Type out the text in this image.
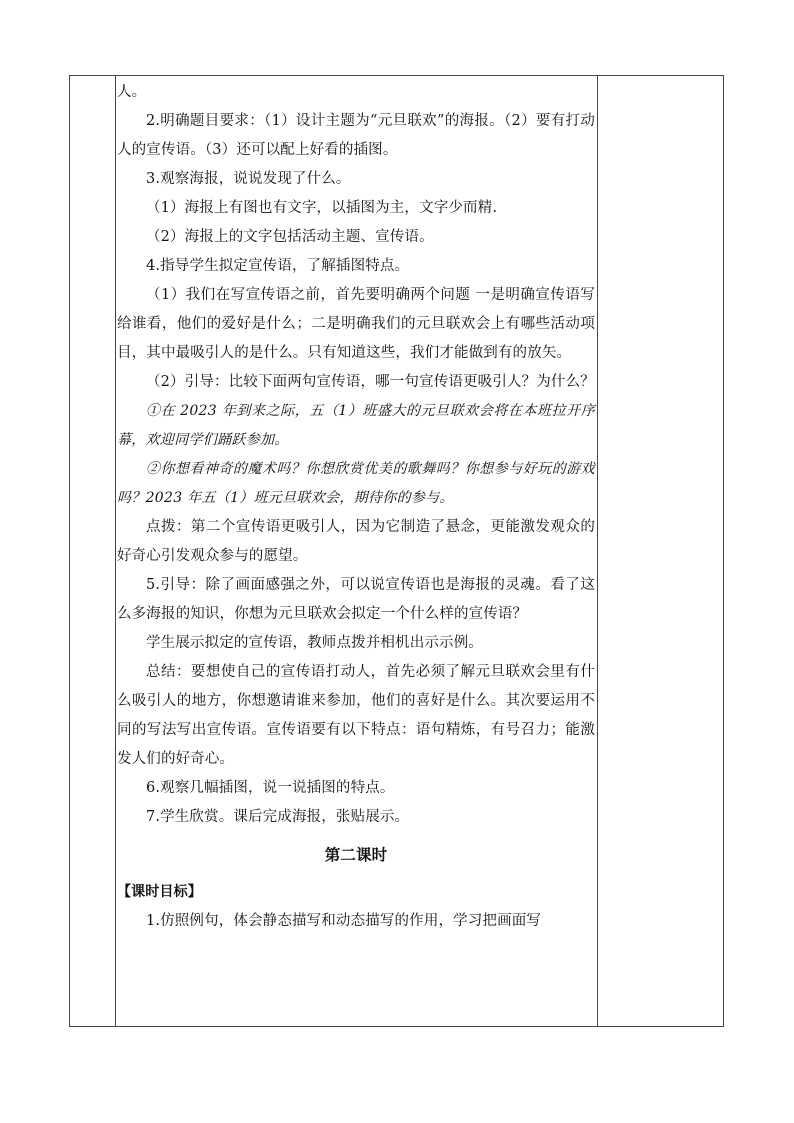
人。

2.明确题目要求：（1）设计主题为“元旦联欢”的海报。（2）要有打动人的宣传语。（3）还可以配上好看的插图。

3.观察海报，说说发现了什么。

（1）海报上有图也有文字，以插图为主，文字少而精.

（2）海报上的文字包括活动主题、宣传语。

4.指导学生拟定宣传语，了解插图特点。

（1）我们在写宣传语之前，首先要明确两个问题 一是明确宣传语写给谁看，他们的爱好是什么；二是明确我们的元旦联欢会上有哪些活动项目，其中最吸引人的是什么。只有知道这些，我们才能做到有的放矢。

（2）引导：比较下面两句宣传语，哪一句宣传语更吸引人？为什么？

①在 2023 年到来之际，五（1）班盛大的元旦联欢会将在本班拉开序幕，欢迎同学们踊跃参加。

②你想看神奇的魔术吗？你想欣赏优美的歌舞吗？你想参与好玩的游戏吗？2023 年五（1）班元旦联欢会，期待你的参与。

点拨：第二个宣传语更吸引人，因为它制造了悬念，更能激发观众的好奇心引发观众参与的愿望。

5.引导：除了画面感强之外，可以说宣传语也是海报的灵魂。看了这么多海报的知识，你想为元旦联欢会拟定一个什么样的宣传语？

学生展示拟定的宣传语，教师点拨并相机出示示例。

总结：要想使自己的宣传语打动人，首先必须了解元旦联欢会里有什么吸引人的地方，你想邀请谁来参加，他们的喜好是什么。其次要运用不同的写法写出宣传语。宣传语要有以下特点：语句精炼，有号召力；能激发人们的好奇心。

6.观察几幅插图，说一说插图的特点。

7.学生欣赏。课后完成海报，张贴展示。

第二课时

【课时目标】

1.仿照例句，体会静态描写和动态描写的作用，学习把画面写
